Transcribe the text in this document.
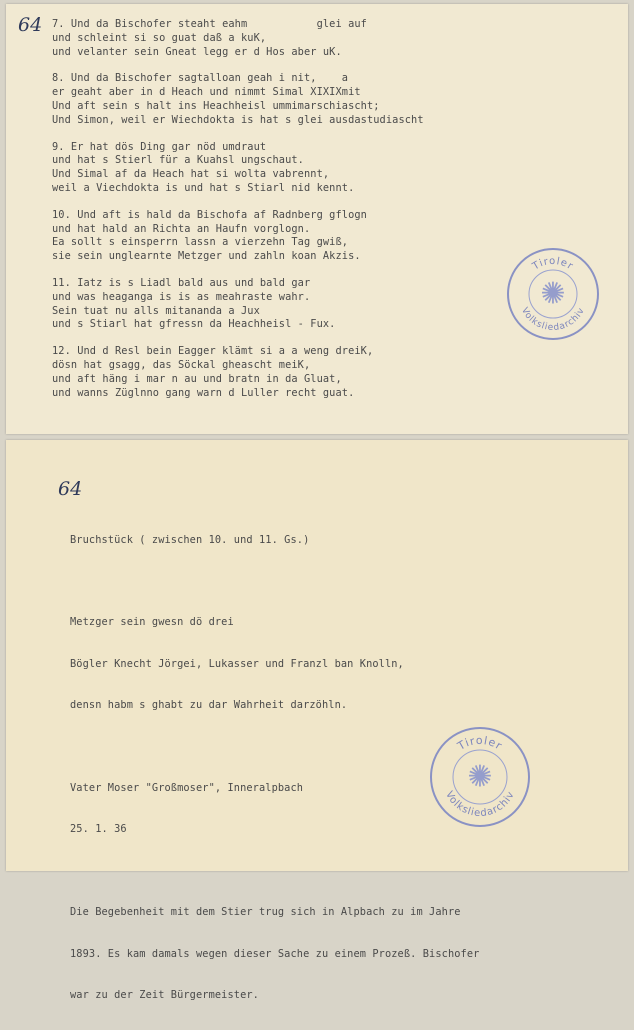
64 7. Und da Bischofer steaht eahm           glei auf
und schleint si so guat daß a kuK,
und velanter sein Gneat legg er d Hos aber uK.
8. Und da Bischofer sagtalloan geah i nit,    a
er geaht aber in d Heach und nimmt Simal XIXIXmit
Und aft sein s halt ins Heachheisl ummimarschiascht;
Und Simon, weil er Wiechdokta is hat s glei ausdastudiascht
9. Er hat dös Ding gar nöd umdraut
und hat s Stierl für a Kuahsl ungschaut.
Und Simal af da Heach hat si wolta vabrennt,
weil a Viechdokta is und hat s Stiarl nid kennt.
10. Und aft is hald da Bischofa af Radnberg gflogn
und hat hald an Richta an Haufn vorglogn.
Ea sollt s einsperrn lassn a vierzehn Tag gwiß,
sie sein unglearnte Metzger und zahln koan Akzis.
11. Iatz is s Liadl bald aus und bald gar
und was heaganga is is as meahraste wahr.
Sein tuat nu alls mitananda a Jux
und s Stiarl hat gfressn da Heachheisl - Fux.
12. Und d Resl bein Eagger klämt si a a weng dreiK,
dösn hat gsagg, das Söckal gheascht meiK,
und aft häng i mar n au und bratn in da Gluat,
und wanns Züglnno gang warn d Luller recht guat.
Tiroler
Volksliedarchiv
✺
64

Bruchstück ( zwischen 10. und 11. Gs.)

Metzger sein gwesn dö drei

Bögler Knecht Jörgei, Lukasser und Franzl ban Knolln,

densn habm s ghabt zu dar Wahrheit darzöhln.

Vater Moser "Großmoser", Inneralpbach

25. 1. 36

Die Begebenheit mit dem Stier trug sich in Alpbach zu im Jahre

1893. Es kam damals wegen dieser Sache zu einem Prozeß. Bischofer

war zu der Zeit Bürgermeister.

Tiroler
Volksliedarchiv
✺
